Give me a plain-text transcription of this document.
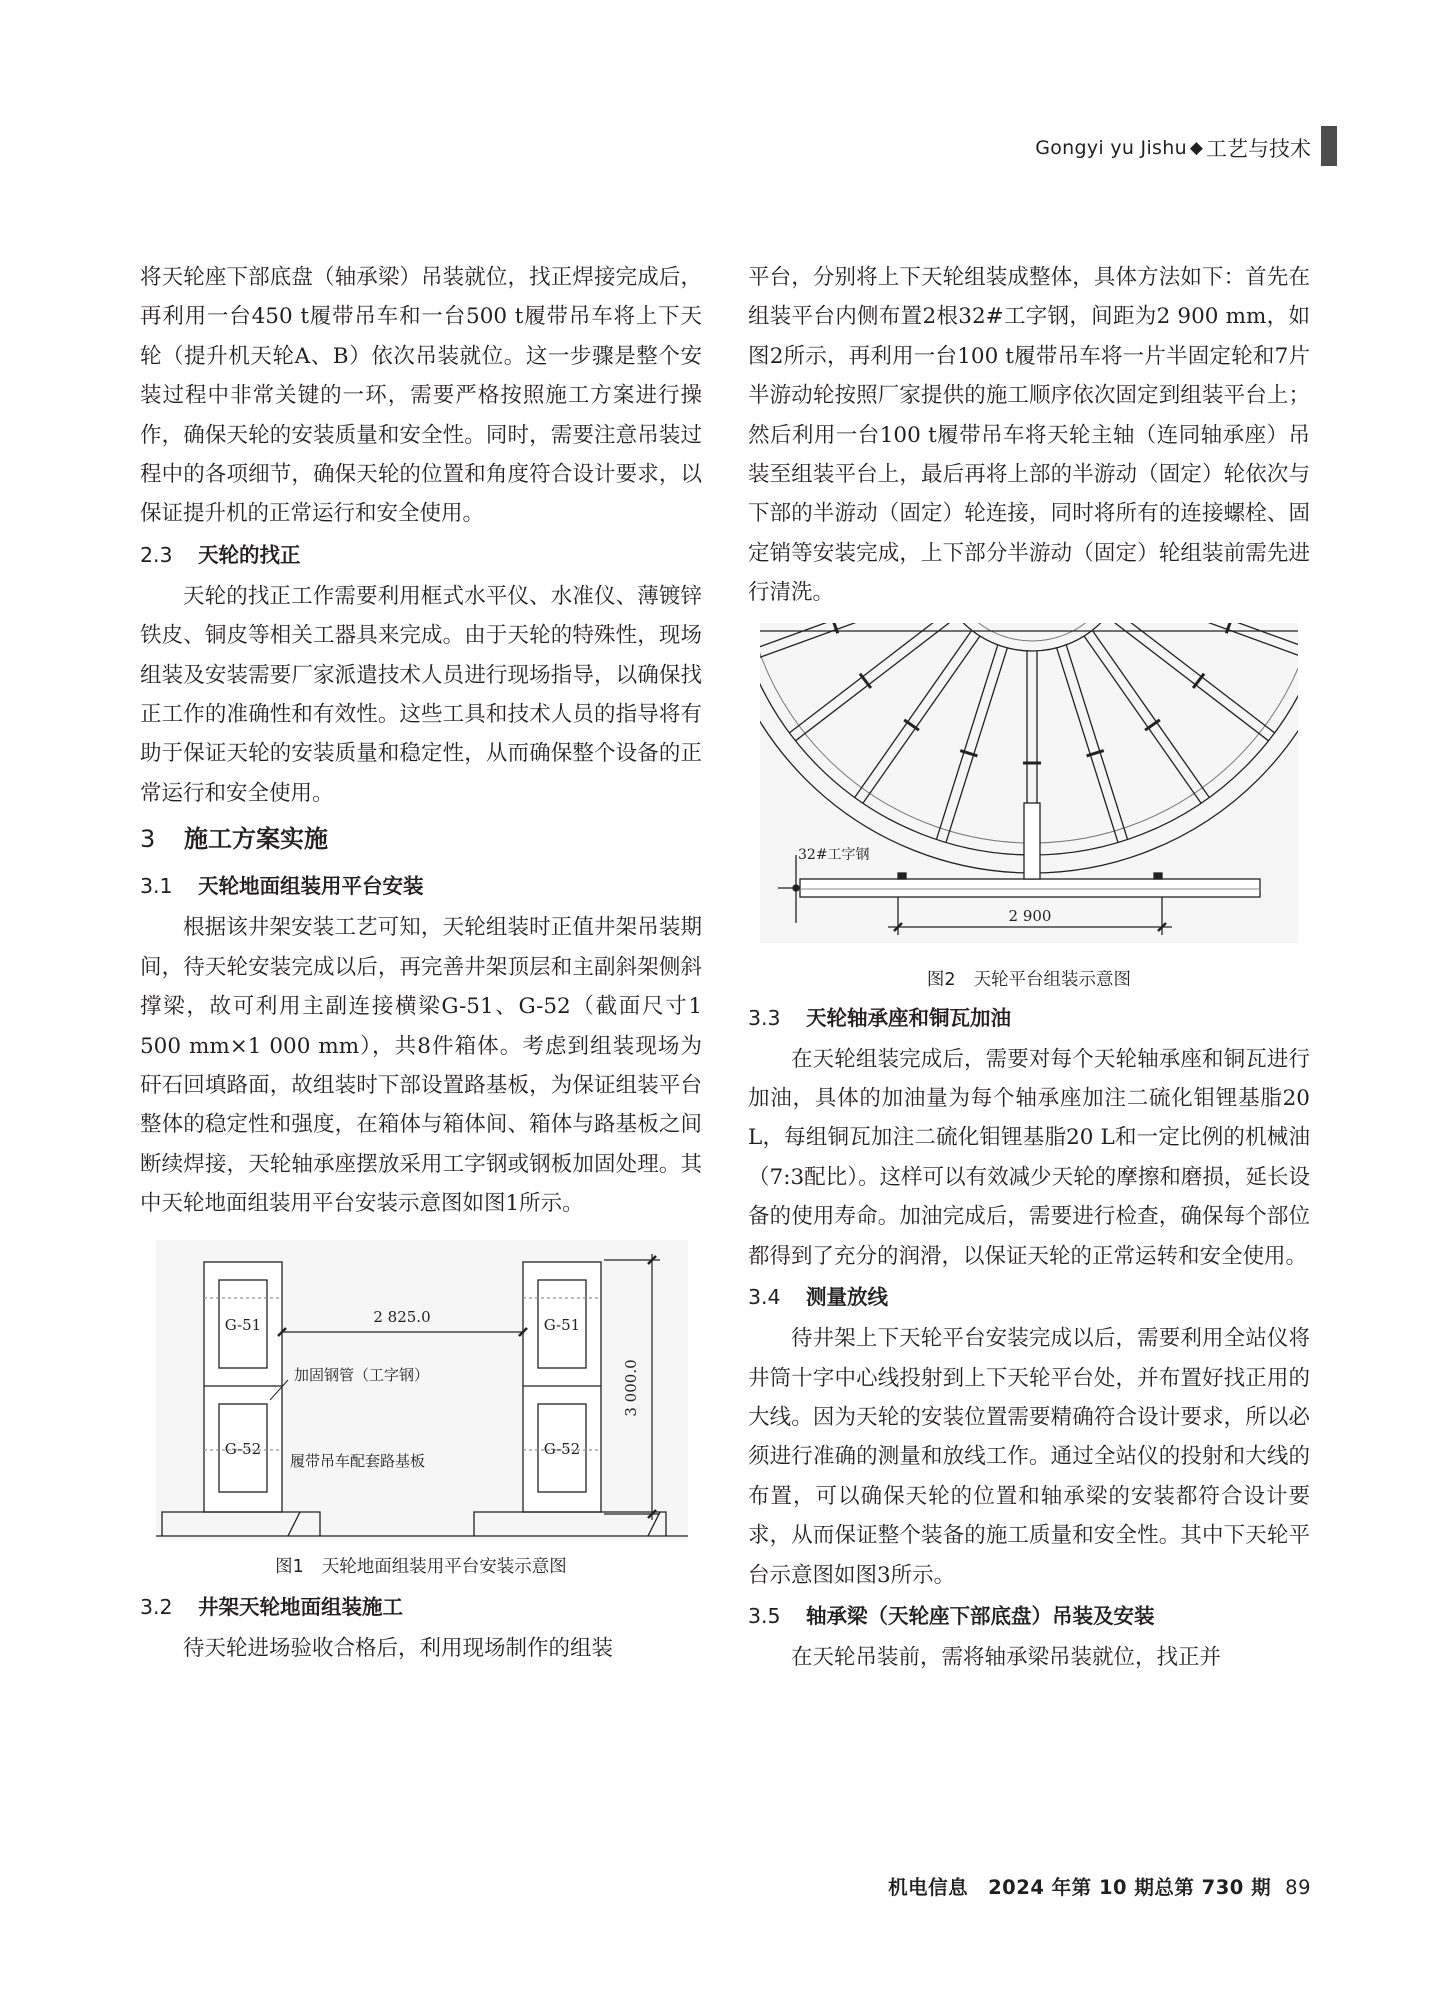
Gongyi yu Jishu ◆ 工艺与技术

将天轮座下部底盘（轴承梁）吊装就位，找正焊接完成后，再利用一台450 t履带吊车和一台500 t履带吊车将上下天轮（提升机天轮A、B）依次吊装就位。这一步骤是整个安装过程中非常关键的一环，需要严格按照施工方案进行操作，确保天轮的安装质量和安全性。同时，需要注意吊装过程中的各项细节，确保天轮的位置和角度符合设计要求，以保证提升机的正常运行和安全使用。

2.3 天轮的找正

天轮的找正工作需要利用框式水平仪、水准仪、薄镀锌铁皮、铜皮等相关工器具来完成。由于天轮的特殊性，现场组装及安装需要厂家派遣技术人员进行现场指导，以确保找正工作的准确性和有效性。这些工具和技术人员的指导将有助于保证天轮的安装质量和稳定性，从而确保整个设备的正常运行和安全使用。

3 施工方案实施
3.1 天轮地面组装用平台安装

根据该井架安装工艺可知，天轮组装时正值井架吊装期间，待天轮安装完成以后，再完善井架顶层和主副斜架侧斜撑梁，故可利用主副连接横梁G-51、G-52（截面尺寸1 500 mm×1 000 mm），共8件箱体。考虑到组装现场为矸石回填路面，故组装时下部设置路基板，为保证组装平台整体的稳定性和强度，在箱体与箱体间、箱体与路基板之间断续焊接，天轮轴承座摆放采用工字钢或钢板加固处理。其中天轮地面组装用平台安装示意图如图1所示。

2 825.0
G-51	G-51
G-52	G-52
加固钢管（工字钢）
履带吊车配套路基板
3 000.0
图1 天轮地面组装用平台安装示意图
3.2 井架天轮地面组装施工

待天轮进场验收合格后，利用现场制作的组装

平台，分别将上下天轮组装成整体，具体方法如下：首先在组装平台内侧布置2根32#工字钢，间距为2 900 mm，如图2所示，再利用一台100 t履带吊车将一片半固定轮和7片半游动轮按照厂家提供的施工顺序依次固定到组装平台上；然后利用一台100 t履带吊车将天轮主轴（连同轴承座）吊装至组装平台上，最后再将上部的半游动（固定）轮依次与下部的半游动（固定）轮连接，同时将所有的连接螺栓、固定销等安装完成，上下部分半游动（固定）轮组装前需先进行清洗。

32#工字钢
2 900
图2 天轮平台组装示意图
3.3 天轮轴承座和铜瓦加油

在天轮组装完成后，需要对每个天轮轴承座和铜瓦进行加油，具体的加油量为每个轴承座加注二硫化钼锂基脂20 L，每组铜瓦加注二硫化钼锂基脂20 L和一定比例的机械油（7:3配比）。这样可以有效减少天轮的摩擦和磨损，延长设备的使用寿命。加油完成后，需要进行检查，确保每个部位都得到了充分的润滑，以保证天轮的正常运转和安全使用。

3.4 测量放线

待井架上下天轮平台安装完成以后，需要利用全站仪将井筒十字中心线投射到上下天轮平台处，并布置好找正用的大线。因为天轮的安装位置需要精确符合设计要求，所以必须进行准确的测量和放线工作。通过全站仪的投射和大线的布置，可以确保天轮的位置和轴承梁的安装都符合设计要求，从而保证整个装备的施工质量和安全性。其中下天轮平台示意图如图3所示。

3.5 轴承梁（天轮座下部底盘）吊装及安装

在天轮吊装前，需将轴承梁吊装就位，找正并

机电信息　2024 年第 10 期总第 730 期 89
